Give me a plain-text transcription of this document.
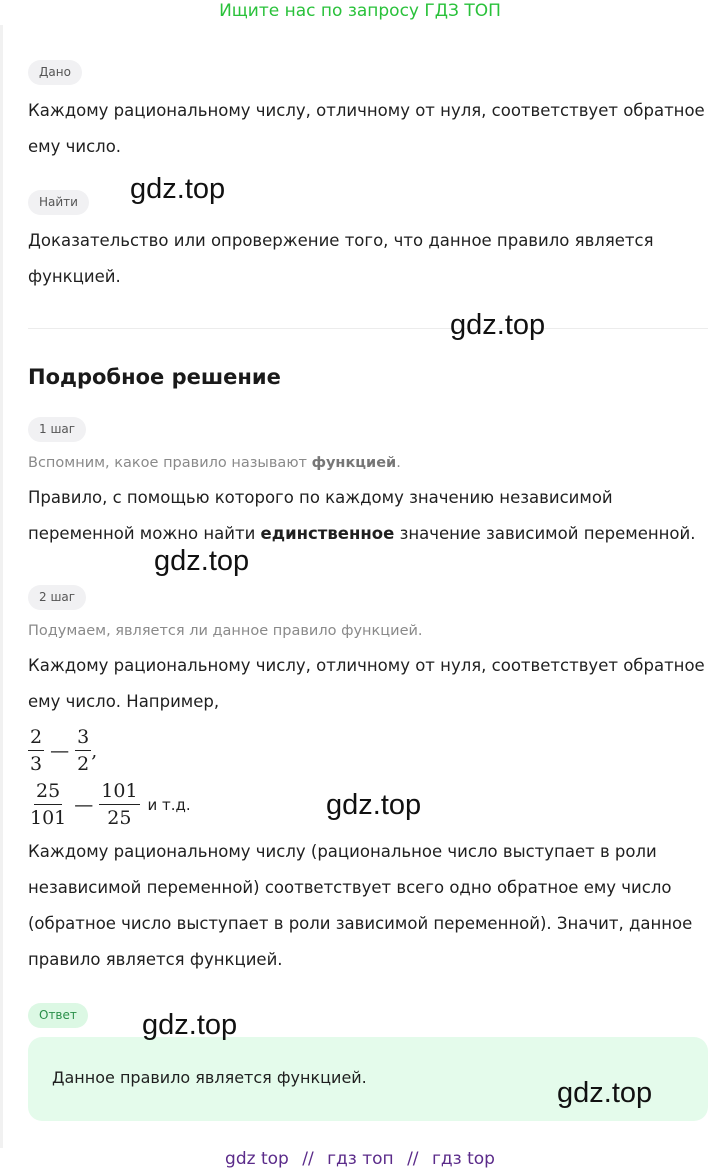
Ищите нас по запросу ГДЗ ТОП
Дано
Каждому рациональному числу, отличному от нуля, соответствует обратное
ему число.
Найти
Доказательство или опровержение того, что данное правило является
функцией.
Подробное решение
1 шаг
Вспомним, какое правило называют функцией.
Правило, с помощью которого по каждому значению независимой
переменной можно найти единственное значение зависимой переменной.
2 шаг
Подумаем, является ли данное правило функцией.
Каждому рациональному числу, отличному от нуля, соответствует обратное
ему число. Например,
$\frac{2}{3}$ — $\frac{3}{2}$ ,
$\frac{25}{101}$ — $\frac{101}{25}$ и т.д.
Каждому рациональному числу (рациональное число выступает в роли
независимой переменной) соответствует всего одно обратное ему число
(обратное число выступает в роли зависимой переменной). Значит, данное
правило является функцией.
Ответ
Данное правило является функцией.
gdz.top
gdz.top
gdz.top
gdz.top
gdz.top
gdz.top
gdz top // гдз топ // гдз top
